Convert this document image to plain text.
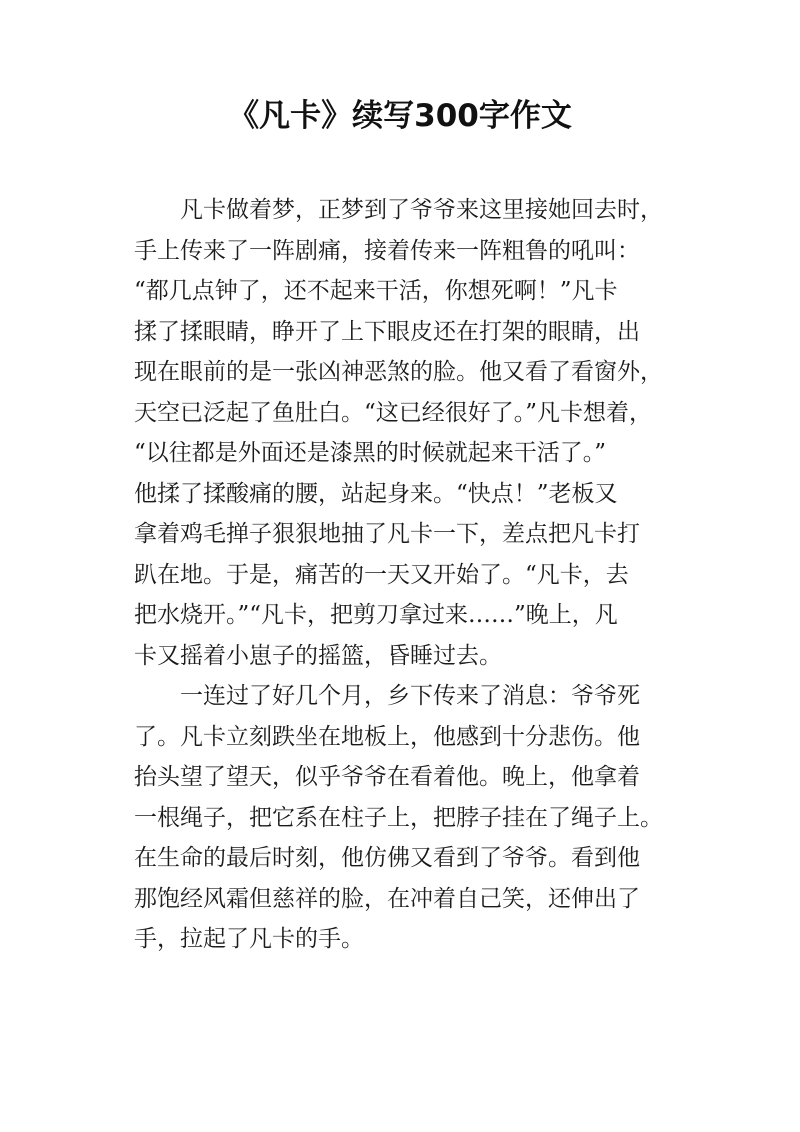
《凡卡》续写300字作文
　　凡卡做着梦，正梦到了爷爷来这里接她回去时，
手上传来了一阵剧痛，接着传来一阵粗鲁的吼叫：
“都几点钟了，还不起来干活，你想死啊！”凡卡
揉了揉眼睛，睁开了上下眼皮还在打架的眼睛，出
现在眼前的是一张凶神恶煞的脸。他又看了看窗外，
天空已泛起了鱼肚白。“这已经很好了。”凡卡想着，
“以往都是外面还是漆黑的时候就起来干活了。”
他揉了揉酸痛的腰，站起身来。“快点！”老板又
拿着鸡毛掸子狠狠地抽了凡卡一下，差点把凡卡打
趴在地。于是，痛苦的一天又开始了。“凡卡，去
把水烧开。”“凡卡，把剪刀拿过来……”晚上，凡
卡又摇着小崽子的摇篮，昏睡过去。
　　一连过了好几个月，乡下传来了消息：爷爷死
了。凡卡立刻跌坐在地板上，他感到十分悲伤。他
抬头望了望天，似乎爷爷在看着他。晚上，他拿着
一根绳子，把它系在柱子上，把脖子挂在了绳子上。
在生命的最后时刻，他仿佛又看到了爷爷。看到他
那饱经风霜但慈祥的脸，在冲着自己笑，还伸出了
手，拉起了凡卡的手。
